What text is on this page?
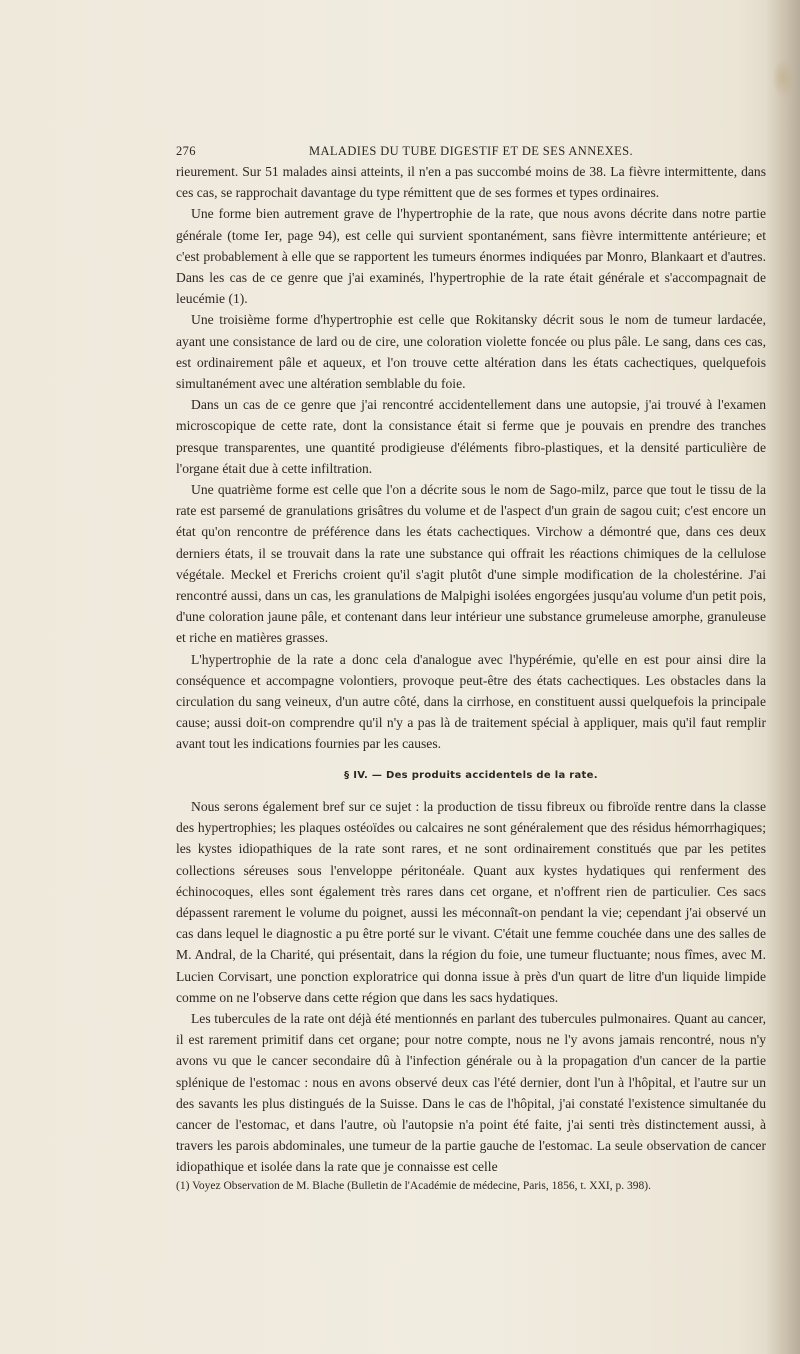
276	MALADIES DU TUBE DIGESTIF ET DE SES ANNEXES.

rieurement. Sur 51 malades ainsi atteints, il n'en a pas succombé moins de 38. La fièvre intermittente, dans ces cas, se rapprochait davantage du type rémittent que de ses formes et types ordinaires.

Une forme bien autrement grave de l'hypertrophie de la rate, que nous avons décrite dans notre partie générale (tome Ier, page 94), est celle qui survient spontanément, sans fièvre intermittente antérieure; et c'est probablement à elle que se rapportent les tumeurs énormes indiquées par Monro, Blankaart et d'autres. Dans les cas de ce genre que j'ai examinés, l'hypertrophie de la rate était générale et s'accompagnait de leucémie (1).

Une troisième forme d'hypertrophie est celle que Rokitansky décrit sous le nom de tumeur lardacée, ayant une consistance de lard ou de cire, une coloration violette foncée ou plus pâle. Le sang, dans ces cas, est ordinairement pâle et aqueux, et l'on trouve cette altération dans les états cachectiques, quelquefois simultanément avec une altération semblable du foie.

Dans un cas de ce genre que j'ai rencontré accidentellement dans une autopsie, j'ai trouvé à l'examen microscopique de cette rate, dont la consistance était si ferme que je pouvais en prendre des tranches presque transparentes, une quantité prodigieuse d'éléments fibro-plastiques, et la densité particulière de l'organe était due à cette infiltration.

Une quatrième forme est celle que l'on a décrite sous le nom de Sago-milz, parce que tout le tissu de la rate est parsemé de granulations grisâtres du volume et de l'aspect d'un grain de sagou cuit; c'est encore un état qu'on rencontre de préférence dans les états cachectiques. Virchow a démontré que, dans ces deux derniers états, il se trouvait dans la rate une substance qui offrait les réactions chimiques de la cellulose végétale. Meckel et Frerichs croient qu'il s'agit plutôt d'une simple modification de la cholestérine. J'ai rencontré aussi, dans un cas, les granulations de Malpighi isolées engorgées jusqu'au volume d'un petit pois, d'une coloration jaune pâle, et contenant dans leur intérieur une substance grumeleuse amorphe, granuleuse et riche en matières grasses.

L'hypertrophie de la rate a donc cela d'analogue avec l'hypérémie, qu'elle en est pour ainsi dire la conséquence et accompagne volontiers, provoque peut-être des états cachectiques. Les obstacles dans la circulation du sang veineux, d'un autre côté, dans la cirrhose, en constituent aussi quelquefois la principale cause; aussi doit-on comprendre qu'il n'y a pas là de traitement spécial à appliquer, mais qu'il faut remplir avant tout les indications fournies par les causes.

§ IV. — Des produits accidentels de la rate.

Nous serons également bref sur ce sujet : la production de tissu fibreux ou fibroïde rentre dans la classe des hypertrophies; les plaques ostéoïdes ou calcaires ne sont généralement que des résidus hémorrhagiques; les kystes idiopathiques de la rate sont rares, et ne sont ordinairement constitués que par les petites collections séreuses sous l'enveloppe péritonéale. Quant aux kystes hydatiques qui renferment des échinocoques, elles sont également très rares dans cet organe, et n'offrent rien de particulier. Ces sacs dépassent rarement le volume du poignet, aussi les méconnaît-on pendant la vie; cependant j'ai observé un cas dans lequel le diagnostic a pu être porté sur le vivant. C'était une femme couchée dans une des salles de M. Andral, de la Charité, qui présentait, dans la région du foie, une tumeur fluctuante; nous fîmes, avec M. Lucien Corvisart, une ponction exploratrice qui donna issue à près d'un quart de litre d'un liquide limpide comme on ne l'observe dans cette région que dans les sacs hydatiques.

Les tubercules de la rate ont déjà été mentionnés en parlant des tubercules pulmonaires. Quant au cancer, il est rarement primitif dans cet organe; pour notre compte, nous ne l'y avons jamais rencontré, nous n'y avons vu que le cancer secondaire dû à l'infection générale ou à la propagation d'un cancer de la partie splénique de l'estomac : nous en avons observé deux cas l'été dernier, dont l'un à l'hôpital, et l'autre sur un des savants les plus distingués de la Suisse. Dans le cas de l'hôpital, j'ai constaté l'existence simultanée du cancer de l'estomac, et dans l'autre, où l'autopsie n'a point été faite, j'ai senti très distinctement aussi, à travers les parois abdominales, une tumeur de la partie gauche de l'estomac. La seule observation de cancer idiopathique et isolée dans la rate que je connaisse est celle

(1) Voyez Observation de M. Blache (Bulletin de l'Académie de médecine, Paris, 1856, t. XXI, p. 398).
